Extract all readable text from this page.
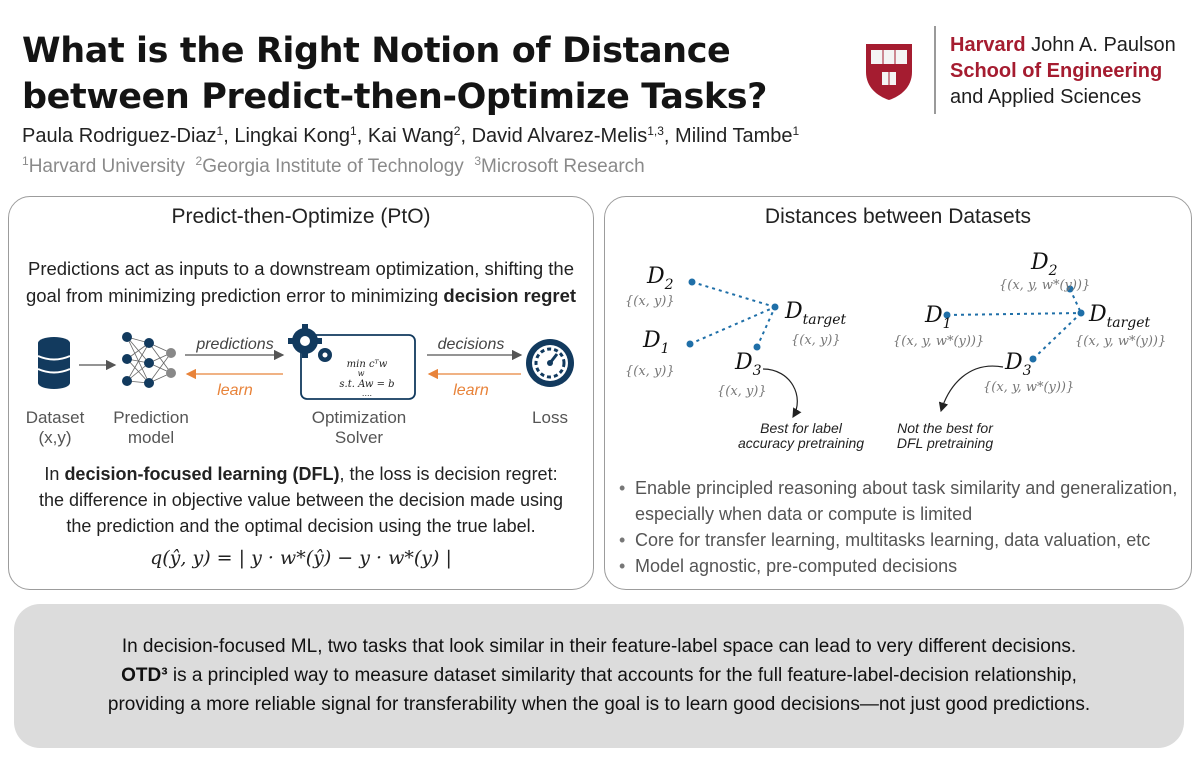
What is the Right Notion of Distance
between Predict-then-Optimize Tasks?
Paula Rodriguez-Diaz$^1$, Lingkai Kong$^1$, Kai Wang$^2$, David Alvarez-Melis$^{1,3}$, Milind Tambe$^1$
$^1$Harvard University $^2$Georgia Institute of Technology $^3$Microsoft Research
Harvard John A. Paulson
School of Engineering
and Applied Sciences
Predict-then-Optimize (PtO)
Predictions act as inputs to a downstream optimization, shifting the
goal from minimizing prediction error to minimizing decision regret
predictions
learn
min cᵀw
w
s.t. Aw = b
....
decisions
learn
Dataset
(x,y)
Prediction
model
Optimization
Solver
Loss
In decision-focused learning (DFL), the loss is decision regret:
the difference in objective value between the decision made using
the prediction and the optimal decision using the true label.
q(ŷ, y) = | y · w*(ŷ) − y · w*(y) |
Distances between Datasets
$D_2$
{(x, y)}
$D_1$
{(x, y)}
$D_{target}$
{(x, y)}
$D_3$
{(x, y)}
Best for label
accuracy pretraining
$D_2$
{(x, y, w*(y))}
$D_1$
{(x, y, w*(y))}
$D_{target}$
{(x, y, w*(y))}
$D_3$
{(x, y, w*(y))}
Not the best for
DFL pretraining
• Enable principled reasoning about task similarity and generalization, especially when data or compute is limited
• Core for transfer learning, multitasks learning, data valuation, etc
• Model agnostic, pre-computed decisions
In decision-focused ML, two tasks that look similar in their feature-label space can lead to very different decisions.
OTD³ is a principled way to measure dataset similarity that accounts for the full feature-label-decision relationship,
providing a more reliable signal for transferability when the goal is to learn good decisions—not just good predictions.
